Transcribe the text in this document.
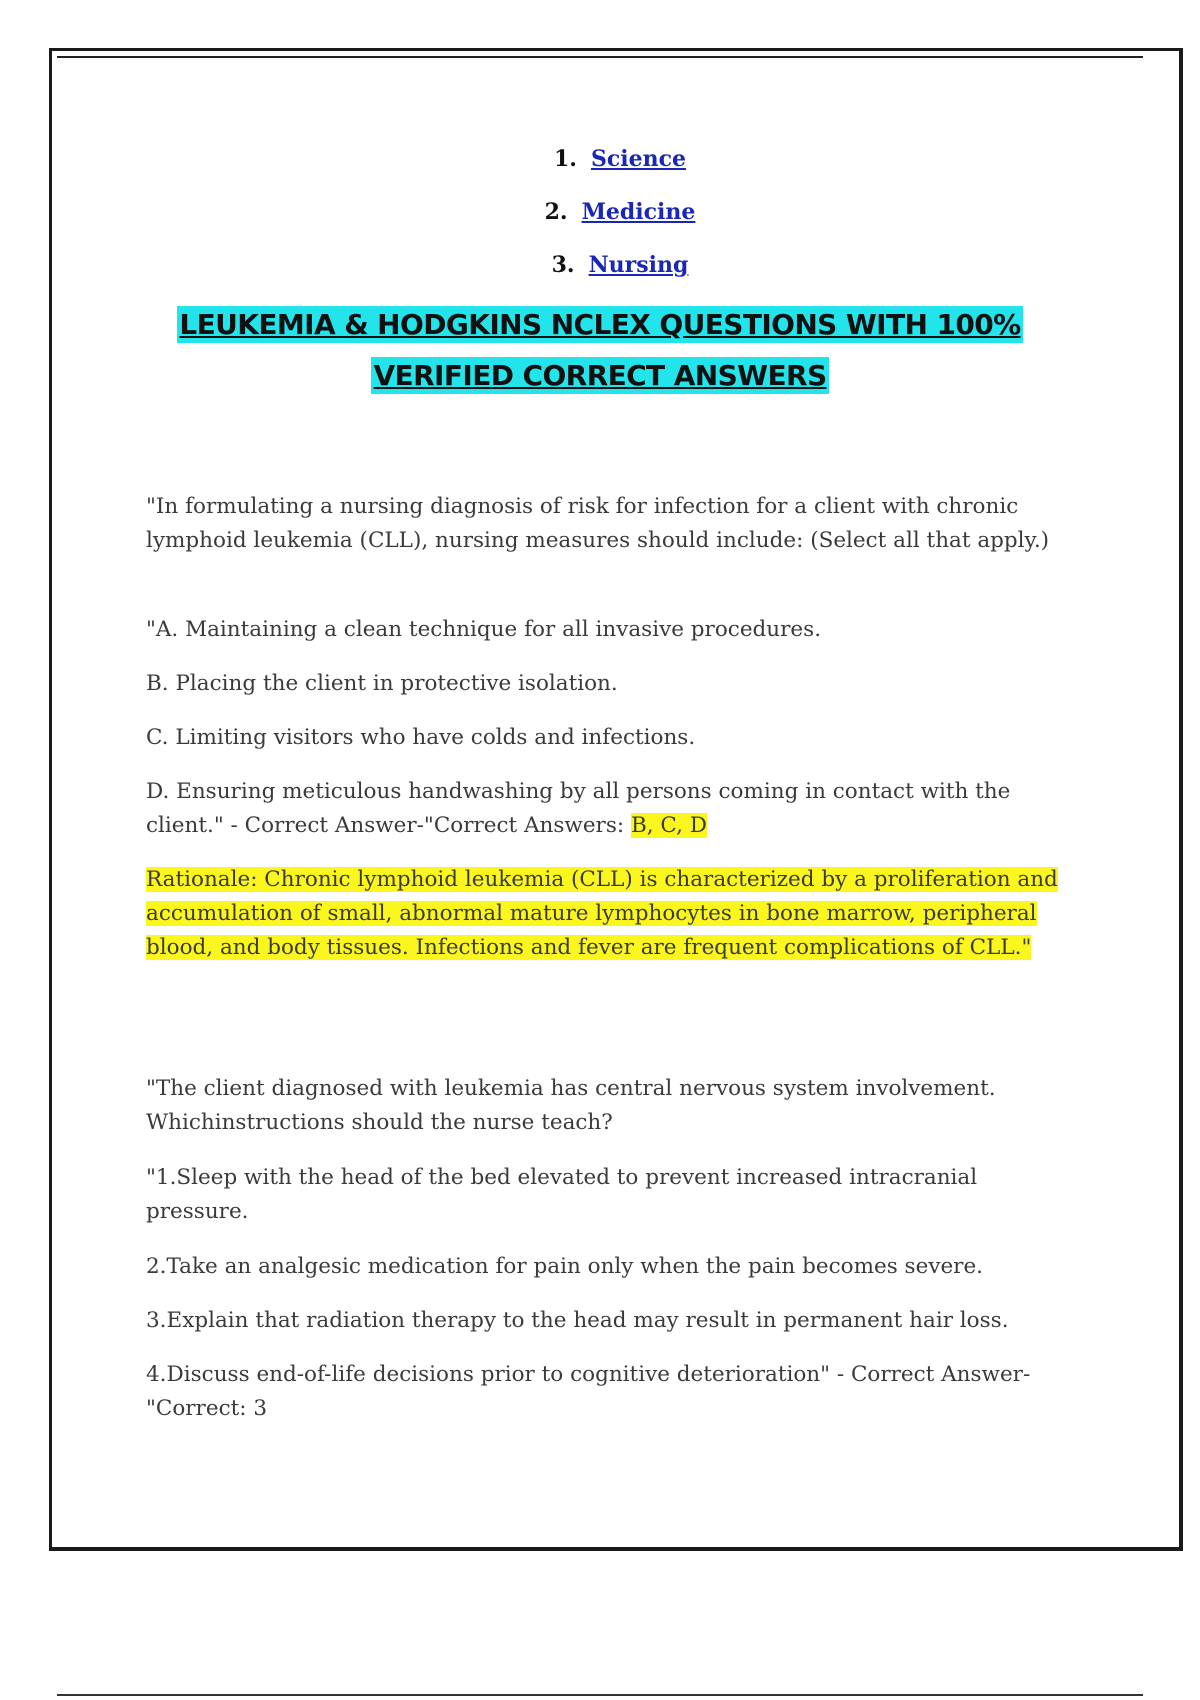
1. Science
2. Medicine
3. Nursing
LEUKEMIA & HODGKINS NCLEX QUESTIONS WITH 100%
VERIFIED CORRECT ANSWERS
"In formulating a nursing diagnosis of risk for infection for a client with chronic lymphoid leukemia (CLL), nursing measures should include: (Select all that apply.)
"A. Maintaining a clean technique for all invasive procedures.
B. Placing the client in protective isolation.
C. Limiting visitors who have colds and infections.
D. Ensuring meticulous handwashing by all persons coming in contact with the client." - Correct Answer-"Correct Answers: B, C, D
Rationale: Chronic lymphoid leukemia (CLL) is characterized by a proliferation and accumulation of small, abnormal mature lymphocytes in bone marrow, peripheral blood, and body tissues. Infections and fever are frequent complications of CLL."
"The client diagnosed with leukemia has central nervous system involvement. Whichinstructions should the nurse teach?
"1.Sleep with the head of the bed elevated to prevent increased intracranial pressure.
2.Take an analgesic medication for pain only when the pain becomes severe.
3.Explain that radiation therapy to the head may result in permanent hair loss.
4.Discuss end-of-life decisions prior to cognitive deterioration" - Correct Answer-"Correct: 3
